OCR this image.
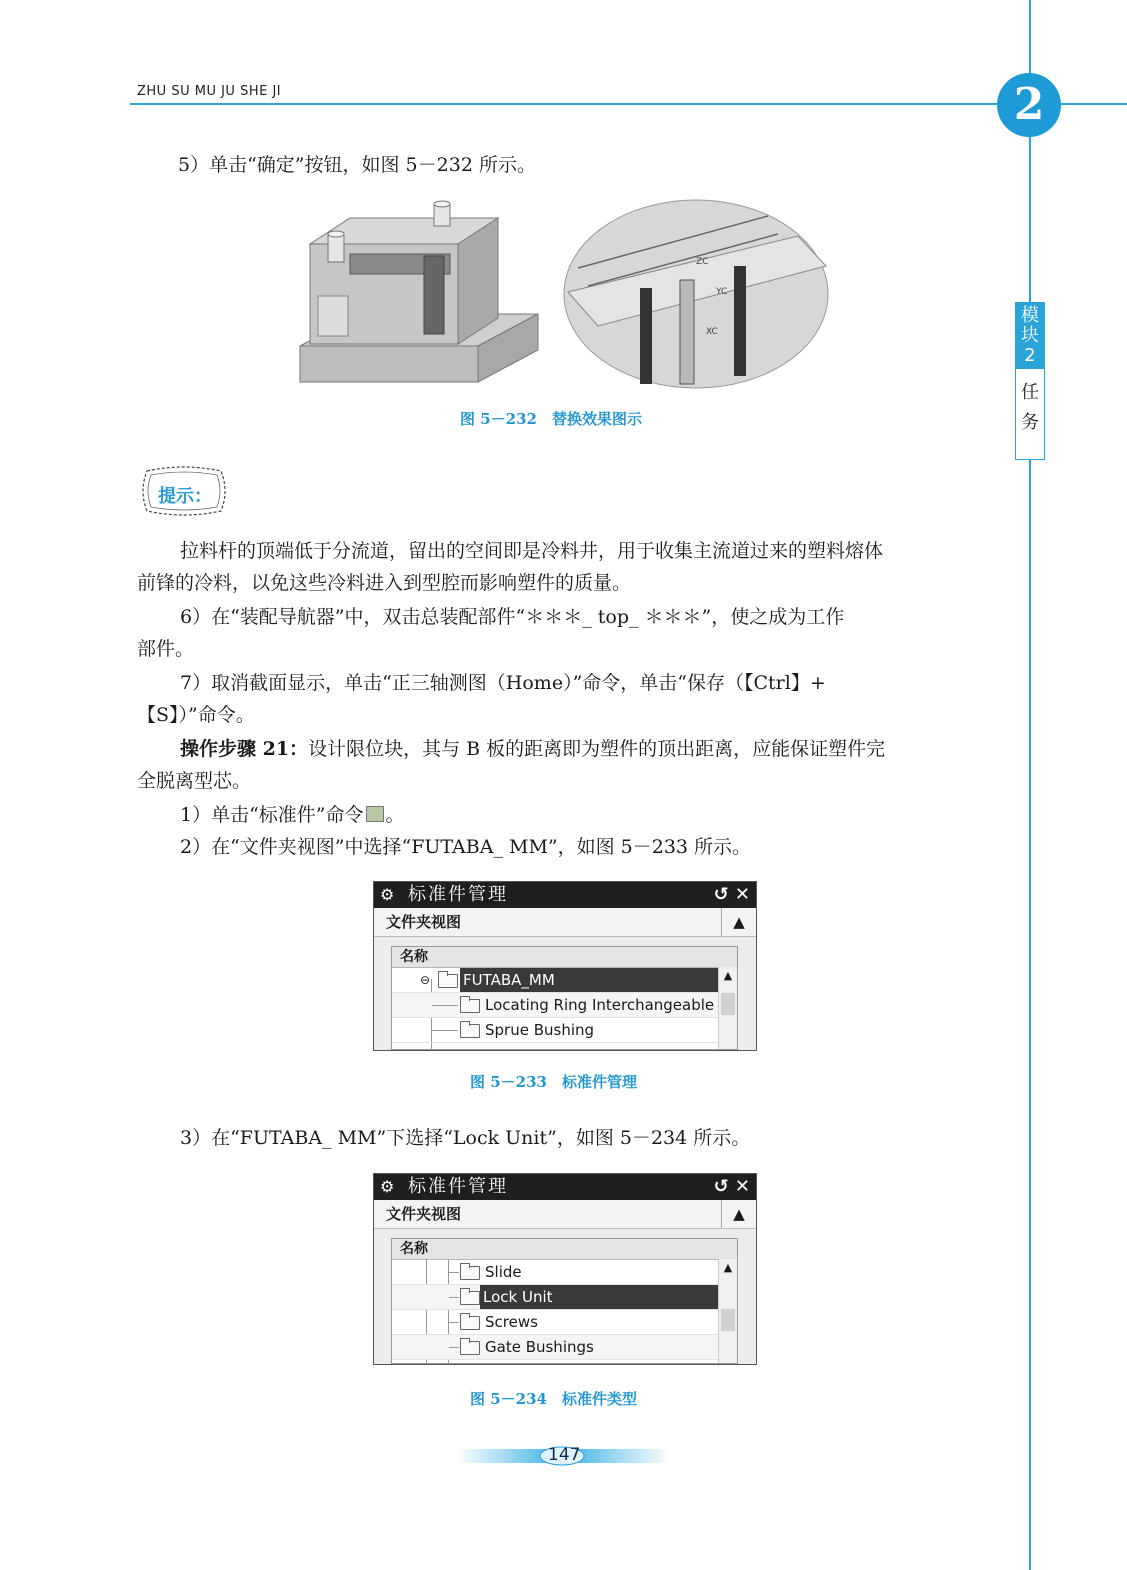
ZHU SU MU JU SHE JI	2
模
块
2
任
务

5）单击“确定”按钮，如图 5－232 所示。

ZC
YC
XC
图 5－232　替换效果图示
提示：

拉料杆的顶端低于分流道，留出的空间即是冷料井，用于收集主流道过来的塑料熔体

前锋的冷料，以免这些冷料进入到型腔而影响塑件的质量。

6）在“装配导航器”中，双击总装配部件“＊＊＊_ top_ ＊＊＊”，使之成为工作

部件。

7）取消截面显示，单击“正三轴测图（Home）”命令，单击“保存（【Ctrl】+

【S】）”命令。

操作步骤 21：设计限位块，其与 B 板的距离即为塑件的顶出距离，应能保证塑件完

全脱离型芯。

1）单击“标准件”命令 。

2）在“文件夹视图”中选择“FUTABA_ MM”，如图 5－233 所示。

⚙ 标准件管理	↺ ✕
文件夹视图	▲
名称
⊖ FUTABA_MM
Locating Ring Interchangeable
Sprue Bushing
▲
图 5－233　标准件管理

3）在“FUTABA_ MM”下选择“Lock Unit”，如图 5－234 所示。

⚙ 标准件管理	↺ ✕
文件夹视图	▲
名称
Slide
Lock Unit
Screws
Gate Bushings
▲
图 5－234　标准件类型
147
